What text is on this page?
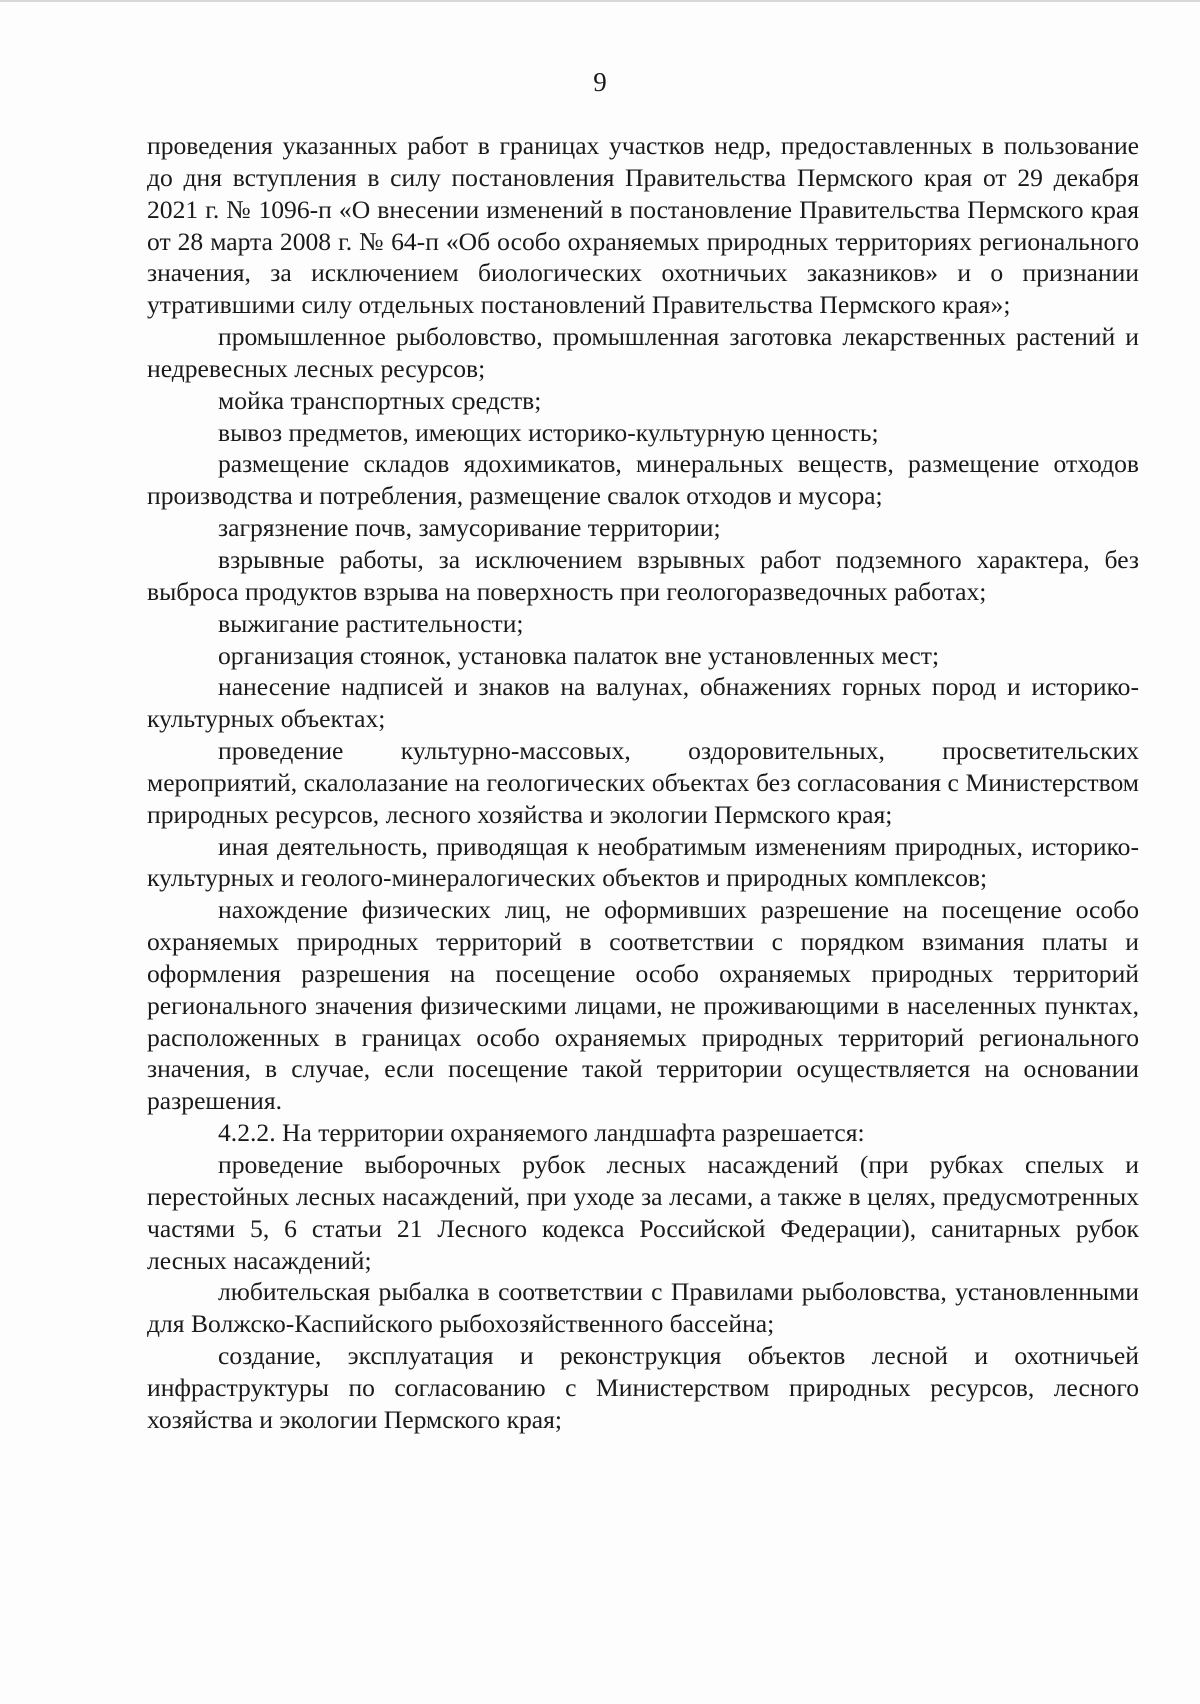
9

проведения указанных работ в границах участков недр, предоставленных в пользование до дня вступления в силу постановления Правительства Пермского края от 29 декабря 2021 г. № 1096-п «О внесении изменений в постановление Правительства Пермского края от 28 марта 2008 г. № 64-п «Об особо охраняемых природных территориях регионального значения, за исключением биологических охотничьих заказников» и о признании утратившими силу отдельных постановлений Правительства Пермского края»;

промышленное рыболовство, промышленная заготовка лекарственных растений и недревесных лесных ресурсов;

мойка транспортных средств;

вывоз предметов, имеющих историко-культурную ценность;

размещение складов ядохимикатов, минеральных веществ, размещение отходов производства и потребления, размещение свалок отходов и мусора;

загрязнение почв, замусоривание территории;

взрывные работы, за исключением взрывных работ подземного характера, без выброса продуктов взрыва на поверхность при геологоразведочных работах;

выжигание растительности;

организация стоянок, установка палаток вне установленных мест;

нанесение надписей и знаков на валунах, обнажениях горных пород и историко-культурных объектах;

проведение культурно-массовых, оздоровительных, просветительских мероприятий, скалолазание на геологических объектах без согласования с Министерством природных ресурсов, лесного хозяйства и экологии Пермского края;

иная деятельность, приводящая к необратимым изменениям природных, историко-культурных и геолого-минералогических объектов и природных комплексов;

нахождение физических лиц, не оформивших разрешение на посещение особо охраняемых природных территорий в соответствии с порядком взимания платы и оформления разрешения на посещение особо охраняемых природных территорий регионального значения физическими лицами, не проживающими в населенных пунктах, расположенных в границах особо охраняемых природных территорий регионального значения, в случае, если посещение такой территории осуществляется на основании разрешения.

4.2.2. На территории охраняемого ландшафта разрешается:

проведение выборочных рубок лесных насаждений (при рубках спелых и перестойных лесных насаждений, при уходе за лесами, а также в целях, предусмотренных частями 5, 6 статьи 21 Лесного кодекса Российской Федерации), санитарных рубок лесных насаждений;

любительская рыбалка в соответствии с Правилами рыболовства, установленными для Волжско-Каспийского рыбохозяйственного бассейна;

создание, эксплуатация и реконструкция объектов лесной и охотничьей инфраструктуры по согласованию с Министерством природных ресурсов, лесного хозяйства и экологии Пермского края;
